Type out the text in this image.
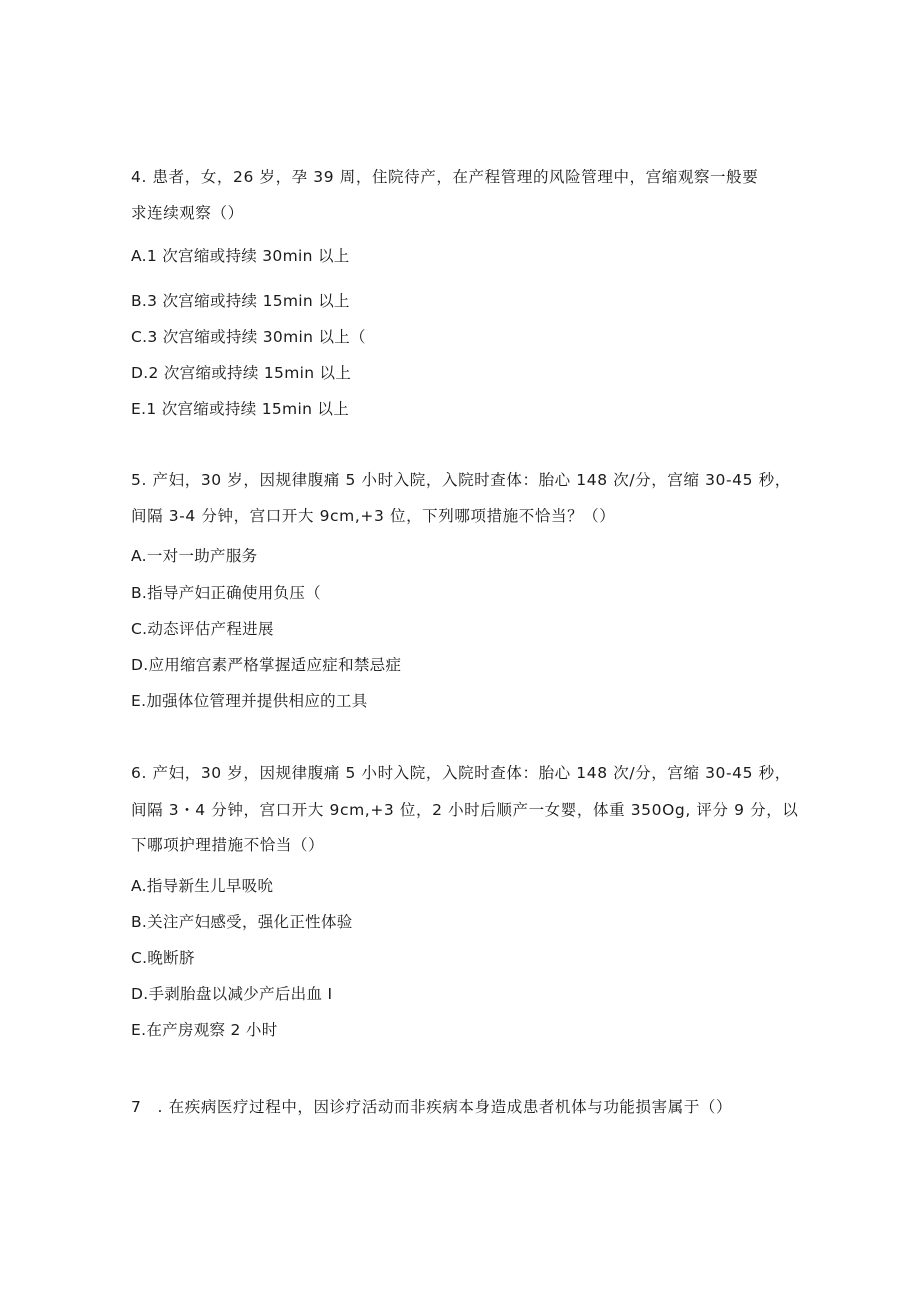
4. 患者，女，26 岁，孕 39 周，住院待产，在产程管理的风险管理中，宫缩观察一般要
求连续观察（）
A.1 次宫缩或持续 30min 以上
B.3 次宫缩或持续 15min 以上
C.3 次宫缩或持续 30min 以上（
D.2 次宫缩或持续 15min 以上
E.1 次宫缩或持续 15min 以上
5. 产妇，30 岁，因规律腹痛 5 小时入院，入院时查体：胎心 148 次/分，宫缩 30-45 秒，
间隔 3-4 分钟，宫口开大 9cm,+3 位，下列哪项措施不恰当？（）
A.一对一助产服务
B.指导产妇正确使用负压（
C.动态评估产程进展
D.应用缩宫素严格掌握适应症和禁忌症
E.加强体位管理并提供相应的工具
6. 产妇，30 岁，因规律腹痛 5 小时入院，入院时查体：胎心 148 次/分，宫缩 30-45 秒，
间隔 3・4 分钟，宫口开大 9cm,+3 位，2 小时后顺产一女婴，体重 350Og, 评分 9 分，以
下哪项护理措施不恰当（）
A.指导新生儿早吸吮
B.关注产妇感受，强化正性体验
C.晚断脐
D.手剥胎盘以减少产后出血 I
E.在产房观察 2 小时
7　. 在疾病医疗过程中，因诊疗活动而非疾病本身造成患者机体与功能损害属于（）
